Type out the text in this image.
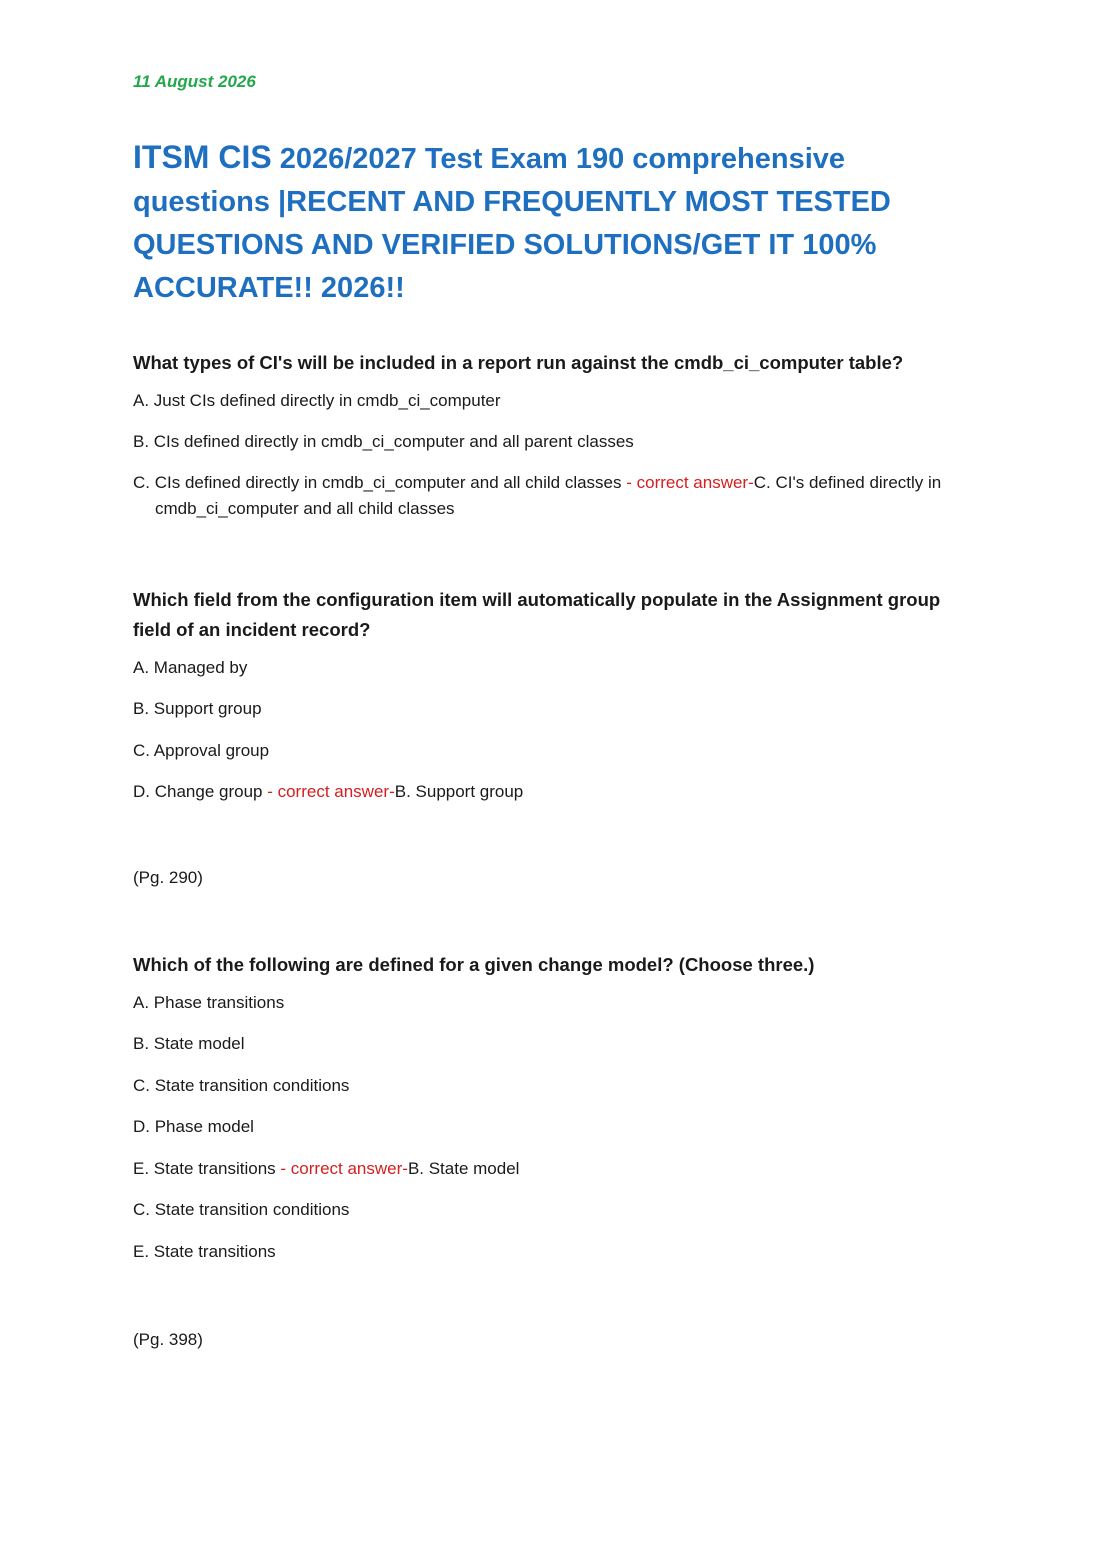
11 August 2026
ITSM CIS 2026/2027 Test Exam 190 comprehensive questions |RECENT AND FREQUENTLY MOST TESTED QUESTIONS AND VERIFIED SOLUTIONS/GET IT 100% ACCURATE!! 2026!!
What types of CI's will be included in a report run against the cmdb_ci_computer table?
A. Just CIs defined directly in cmdb_ci_computer
B. CIs defined directly in cmdb_ci_computer and all parent classes
C. CIs defined directly in cmdb_ci_computer and all child classes - correct answer-C. CI's defined directly in cmdb_ci_computer and all child classes
Which field from the configuration item will automatically populate in the Assignment group field of an incident record?
A. Managed by
B. Support group
C. Approval group
D. Change group - correct answer-B. Support group
(Pg. 290)
Which of the following are defined for a given change model? (Choose three.)
A. Phase transitions
B. State model
C. State transition conditions
D. Phase model
E. State transitions - correct answer-B. State model
C. State transition conditions
E. State transitions
(Pg. 398)
